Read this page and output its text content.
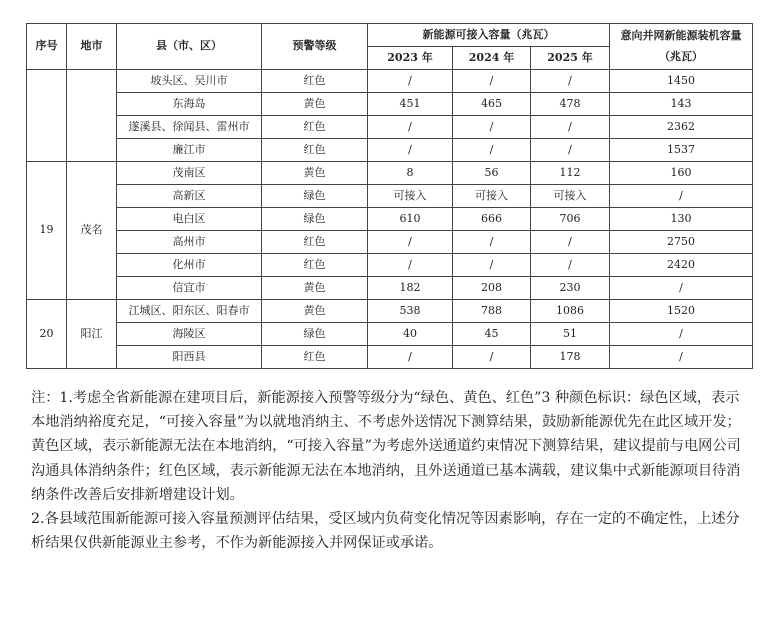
序号	地市	县（市、区）	预警等级	新能源可接入容量（兆瓦）			意向并网新能源装机容量（兆瓦）
				2023 年	2024 年	2025 年	
		坡头区、吴川市	红色	/	/	/	1450
		东海岛	黄色	451	465	478	143
		遂溪县、徐闻县、雷州市	红色	/	/	/	2362
		廉江市	红色	/	/	/	1537
19	茂名	茂南区	黄色	8	56	112	160
		高新区	绿色	可接入	可接入	可接入	/
		电白区	绿色	610	666	706	130
		高州市	红色	/	/	/	2750
		化州市	红色	/	/	/	2420
		信宜市	黄色	182	208	230	/
20	阳江	江城区、阳东区、阳春市	黄色	538	788	1086	1520
		海陵区	绿色	40	45	51	/
		阳西县	红色	/	/	178	/

注：1.考虑全省新能源在建项目后，新能源接入预警等级分为“绿色、黄色、红色”3 种颜色标识：绿色区域，表示本地消纳裕度充足，“可接入容量”为以就地消纳主、不考虑外送情况下测算结果，鼓励新能源优先在此区域开发；黄色区域，表示新能源无法在本地消纳，“可接入容量”为考虑外送通道约束情况下测算结果，建议提前与电网公司沟通具体消纳条件；红色区域，表示新能源无法在本地消纳，且外送通道已基本满载，建议集中式新能源项目待消纳条件改善后安排新增建设计划。

2.各县域范围新能源可接入容量预测评估结果，受区域内负荷变化情况等因素影响，存在一定的不确定性，上述分析结果仅供新能源业主参考，不作为新能源接入并网保证或承诺。
